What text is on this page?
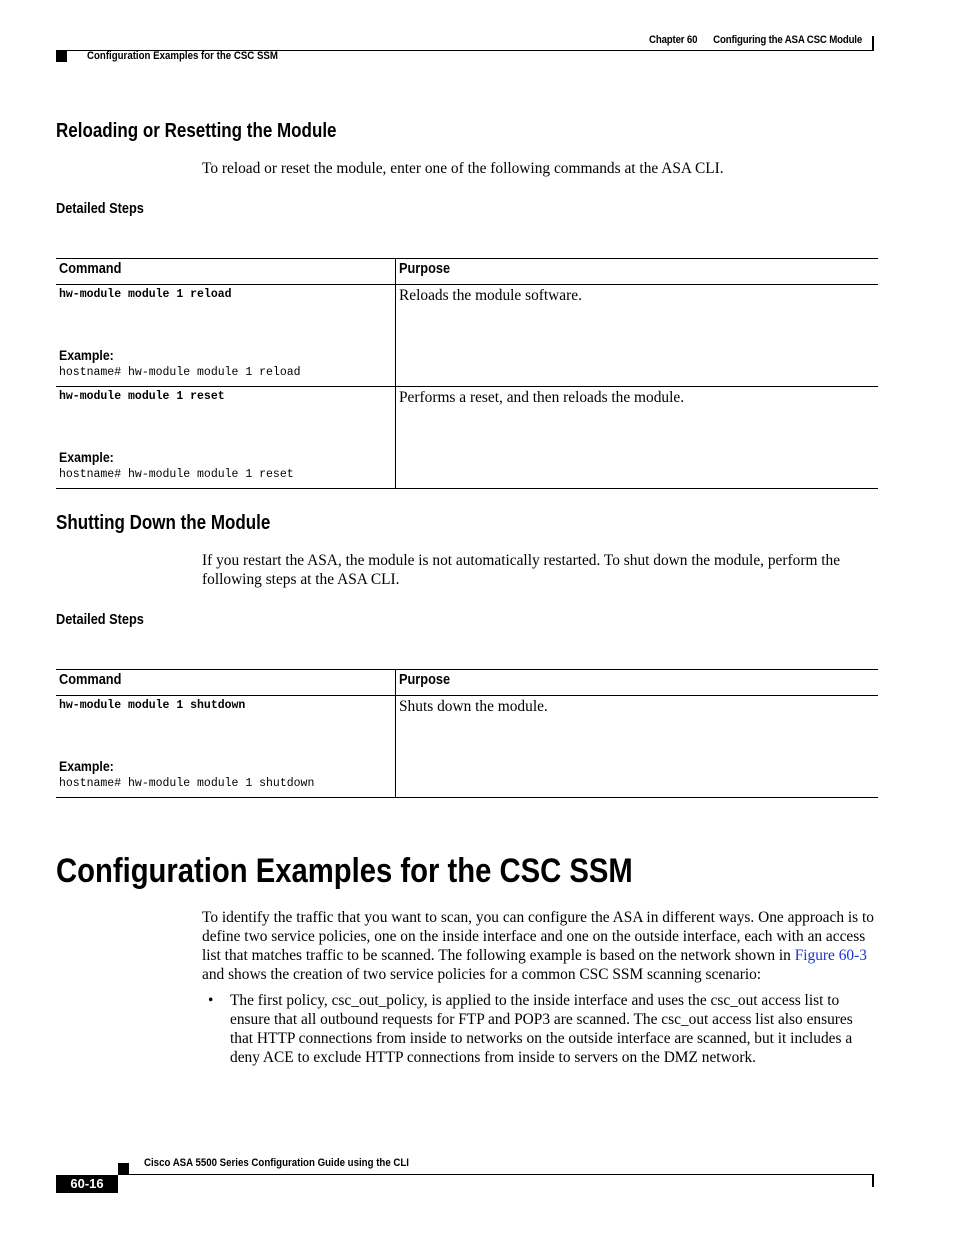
Chapter 60 Configuring the ASA CSC Module
Configuration Examples for the CSC SSM
Reloading or Resetting the Module

To reload or reset the module, enter one of the following commands at the ASA CLI.

Detailed Steps
Command	Purpose

hw-module module 1 reload
Example:
hostname# hw-module module 1 reload	Reloads the module software.

hw-module module 1 reset
Example:
hostname# hw-module module 1 reset	Performs a reset, and then reloads the module.
Shutting Down the Module

If you restart the ASA, the module is not automatically restarted. To shut down the module, perform the following steps at the ASA CLI.

Detailed Steps
Command	Purpose

hw-module module 1 shutdown
Example:
hostname# hw-module module 1 shutdown	Shuts down the module.
Configuration Examples for the CSC SSM

To identify the traffic that you want to scan, you can configure the ASA in different ways. One approach is to define two service policies, one on the inside interface and one on the outside interface, each with an access list that matches traffic to be scanned. The following example is based on the network shown in Figure 60-3 and shows the creation of two service policies for a common CSC SSM scanning scenario:

• The first policy, csc_out_policy, is applied to the inside interface and uses the csc_out access list to ensure that all outbound requests for FTP and POP3 are scanned. The csc_out access list also ensures that HTTP connections from inside to networks on the outside interface are scanned, but it includes a deny ACE to exclude HTTP connections from inside to servers on the DMZ network.
Cisco ASA 5500 Series Configuration Guide using the CLI
60-16
